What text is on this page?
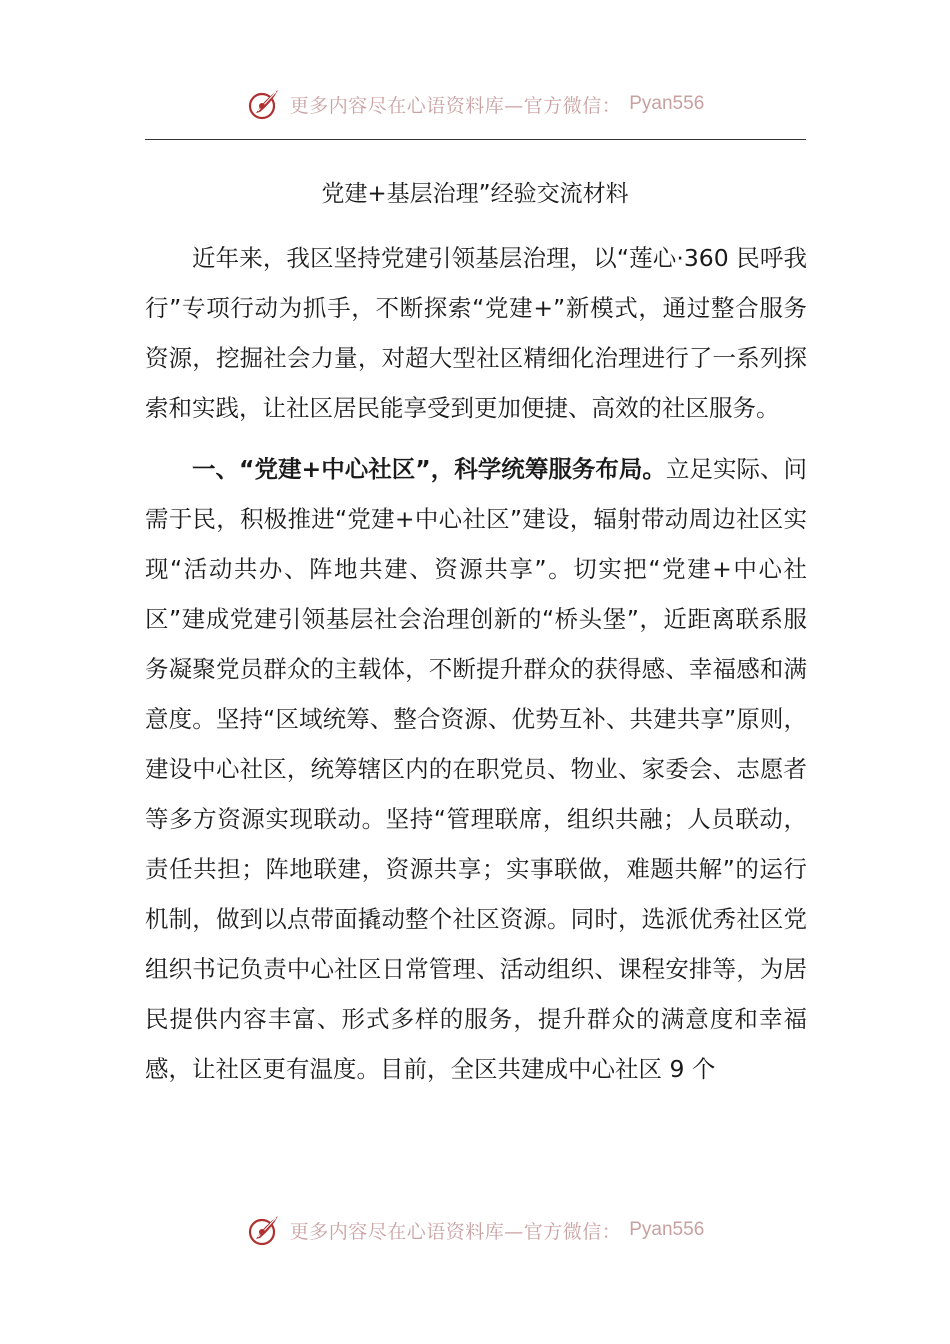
更多内容尽在心语资料库—官方微信： Pyan556
党建+基层治理”经验交流材料

近年来，我区坚持党建引领基层治理，以“莲心·360 民呼我行”专项行动为抓手，不断探索“党建+”新模式，通过整合服务资源，挖掘社会力量，对超大型社区精细化治理进行了一系列探索和实践，让社区居民能享受到更加便捷、高效的社区服务。

一、“党建+中心社区”，科学统筹服务布局。立足实际、问需于民，积极推进“党建+中心社区”建设，辐射带动周边社区实现“活动共办、阵地共建、资源共享”。切实把“党建+中心社区”建成党建引领基层社会治理创新的“桥头堡”，近距离联系服务凝聚党员群众的主载体，不断提升群众的获得感、幸福感和满意度。坚持“区域统筹、整合资源、优势互补、共建共享”原则，建设中心社区，统筹辖区内的在职党员、物业、家委会、志愿者等多方资源实现联动。坚持“管理联席，组织共融；人员联动，责任共担；阵地联建，资源共享；实事联做，难题共解”的运行机制，做到以点带面撬动整个社区资源。同时，选派优秀社区党组织书记负责中心社区日常管理、活动组织、课程安排等，为居民提供内容丰富、形式多样的服务，提升群众的满意度和幸福感，让社区更有温度。目前，全区共建成中心社区 9 个

更多内容尽在心语资料库—官方微信： Pyan556
